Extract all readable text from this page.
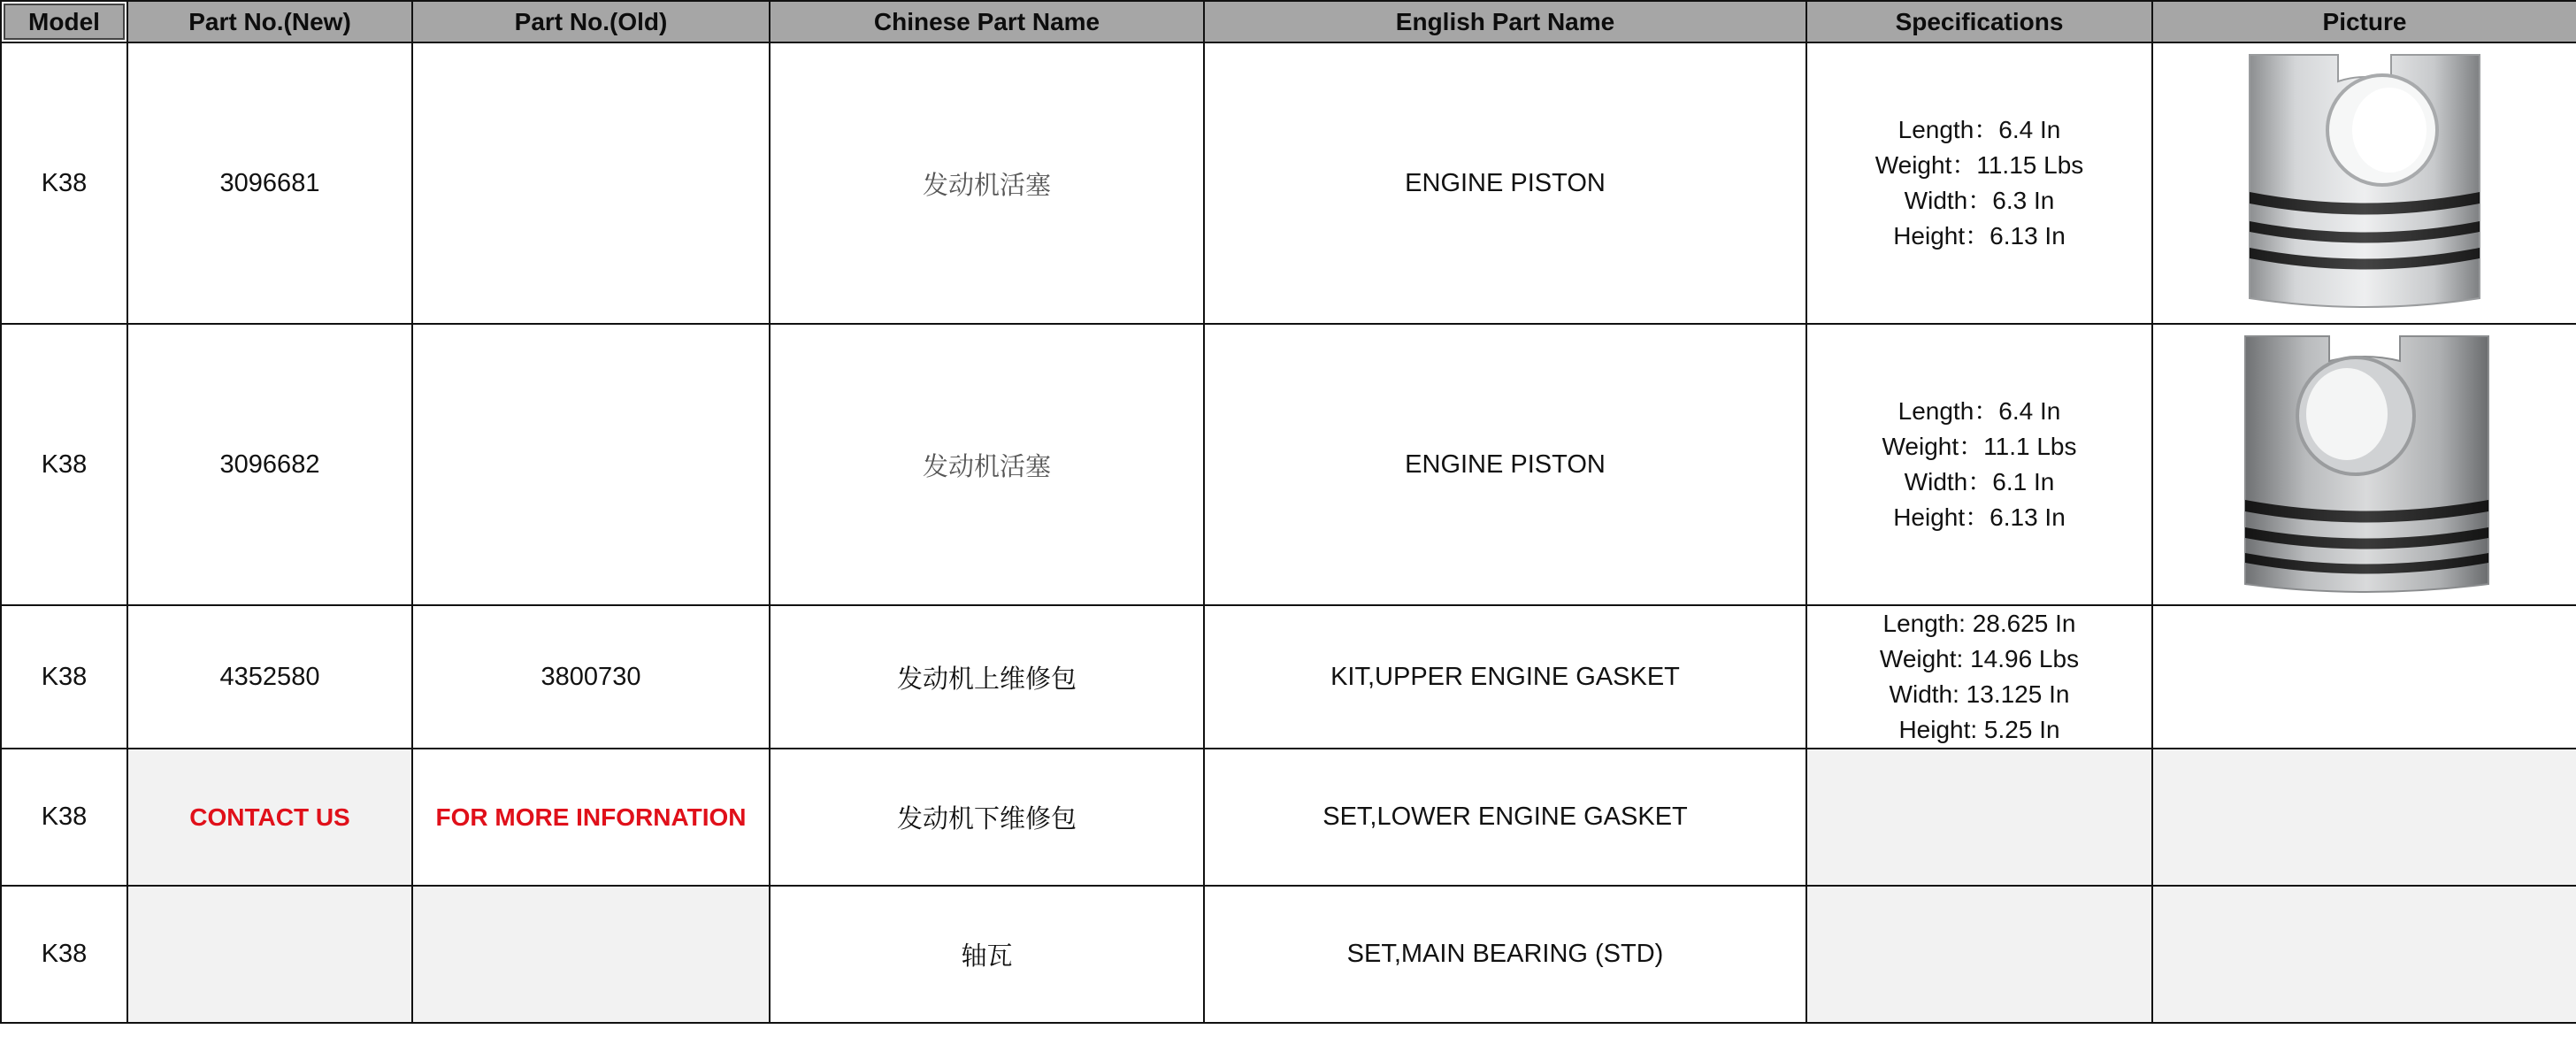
Model	Part No.(New)	Part No.(Old)	Chinese Part Name	English Part Name	Specifications	Picture
K38	3096681		发动机活塞	ENGINE PISTON	Length：6.4 In
Weight：11.15 Lbs
Width：6.3 In
Height：6.13 In

K38	3096682		发动机活塞	ENGINE PISTON	Length：6.4 In
Weight：11.1 Lbs
Width：6.1 In
Height：6.13 In

K38	4352580	3800730	发动机上维修包	KIT,UPPER ENGINE GASKET	Length: 28.625 In
Weight: 14.96 Lbs
Width: 13.125 In
Height: 5.25 In	

K38	CONTACT US	FOR MORE INFORNATION	发动机下维修包	SET,LOWER ENGINE GASKET		
K38			轴瓦	SET,MAIN BEARING (STD)		
